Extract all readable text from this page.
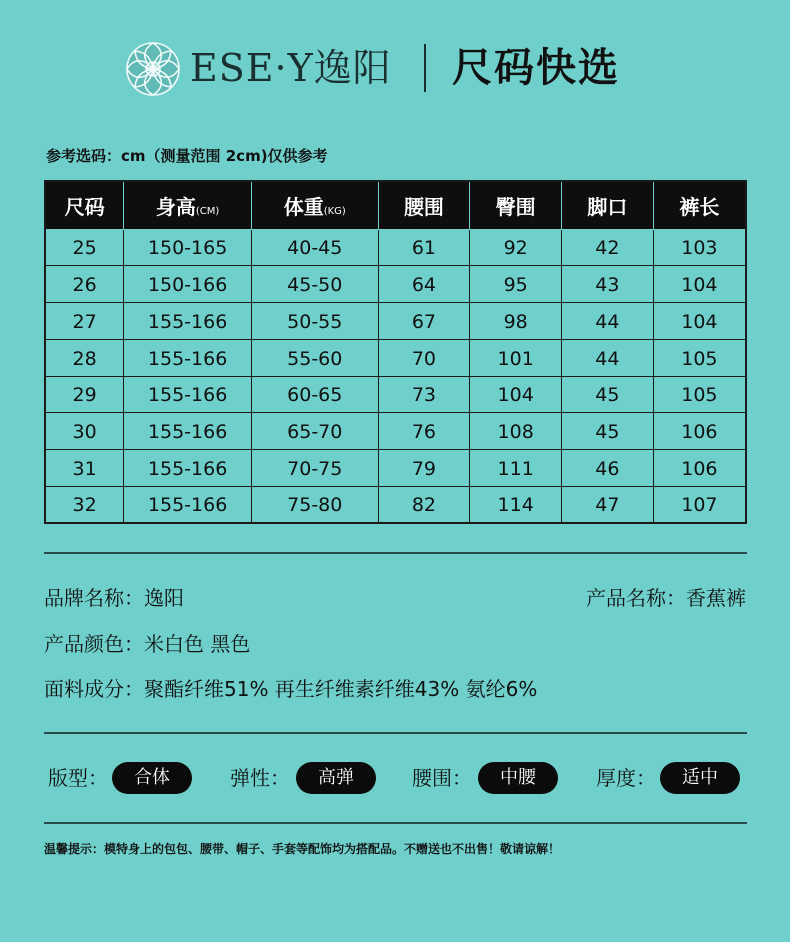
ESE·Y逸阳 尺码快选
参考选码：cm（测量范围 2cm)仅供参考
尺码	身高(CM)	体重(KG)	腰围	臀围	脚口	裤长
25	150-165	40-45	61	92	42	103
26	150-166	45-50	64	95	43	104
27	155-166	50-55	67	98	44	104
28	155-166	55-60	70	101	44	105
29	155-166	60-65	73	104	45	105
30	155-166	65-70	76	108	45	106
31	155-166	70-75	79	111	46	106
32	155-166	75-80	82	114	47	107
品牌名称：逸阳	产品名称：香蕉裤
产品颜色：米白色 黑色
面料成分：聚酯纤维51% 再生纤维素纤维43% 氨纶6%
版型：	合体	弹性：	高弹	腰围：	中腰	厚度：	适中
温馨提示：模特身上的包包、腰带、帽子、手套等配饰均为搭配品。不赠送也不出售！敬请谅解！
